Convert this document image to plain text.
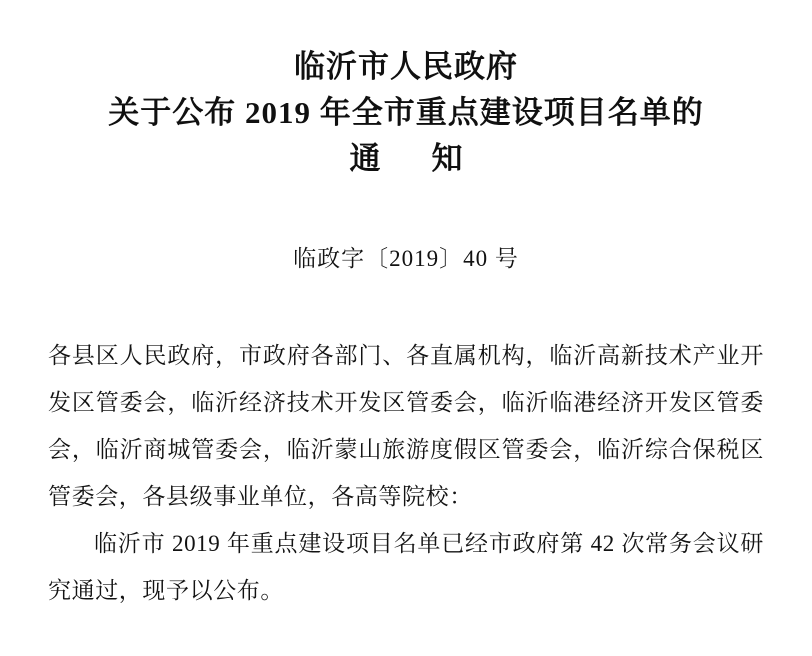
临沂市人民政府
关于公布 2019 年全市重点建设项目名单的
通　知
临政字〔2019〕40 号

各县区人民政府，市政府各部门、各直属机构，临沂高新技术产业开发区管委会，临沂经济技术开发区管委会，临沂临港经济开发区管委会，临沂商城管委会，临沂蒙山旅游度假区管委会，临沂综合保税区管委会，各县级事业单位，各高等院校：

临沂市 2019 年重点建设项目名单已经市政府第 42 次常务会议研究通过，现予以公布。
